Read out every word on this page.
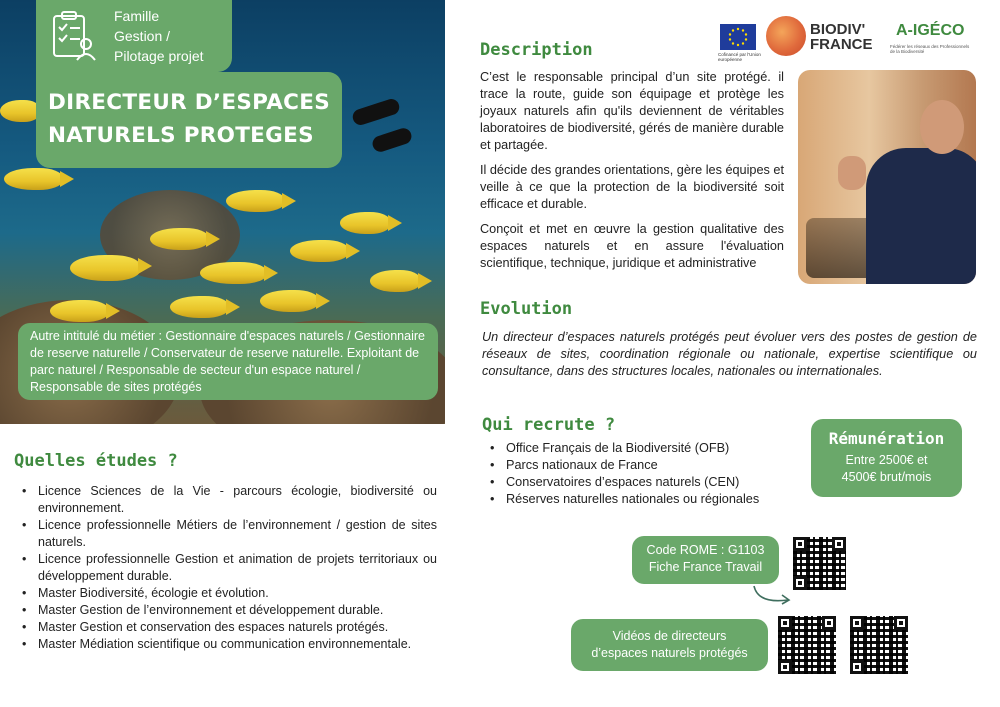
Famille
Gestion /
Pilotage projet
DIRECTEUR D’ESPACES
NATURELS PROTEGES
Autre intitulé du métier : Gestionnaire d'espaces naturels / Gestionnaire de reserve naturelle / Conservateur de reserve naturelle. Exploitant de parc naturel / Responsable de secteur d'un espace naturel / Responsable de sites protégés
Quelles études ?
• Licence Sciences de la Vie - parcours écologie, biodiversité ou environnement.
• Licence professionnelle Métiers de l’environnement / gestion de sites naturels.
• Licence professionnelle Gestion et animation de projets territoriaux ou développement durable.
• Master Biodiversité, écologie et évolution.
• Master Gestion de l’environnement et développement durable.
• Master Gestion et conservation des espaces naturels protégés.
• Master Médiation scientifique ou communication environnementale.
Cofinancé par l'Union européenne
BIODIV'
FRANCE
A-IGÉCO
Fédérer les réseaux des Professionnels de la Biodiversité
Description

C’est le responsable principal d’un site protégé. il trace la route, guide son équipage et protège les joyaux naturels afin qu'ils deviennent de véritables laboratoires de biodiversité, gérés de manière durable et partagée.

Il décide des grandes orientations, gère les équipes et veille à ce que la protection de la biodiversité soit efficace et durable.

Conçoit et met en œuvre la gestion qualitative des espaces naturels et en assure l'évaluation scientifique, technique, juridique et administrative

Evolution
Un directeur d’espaces naturels protégés peut évoluer vers des postes de gestion de réseaux de sites, coordination régionale ou nationale, expertise scientifique ou consultance, dans des structures locales, nationales ou internationales.
Qui recrute ?
• Office Français de la Biodiversité (OFB)
• Parcs nationaux de France
• Conservatoires d’espaces naturels (CEN)
• Réserves naturelles nationales ou régionales
Rémunération
Entre 2500€ et
4500€ brut/mois
Code ROME : G1103
Fiche France Travail
Vidéos de directeurs
d’espaces naturels protégés
